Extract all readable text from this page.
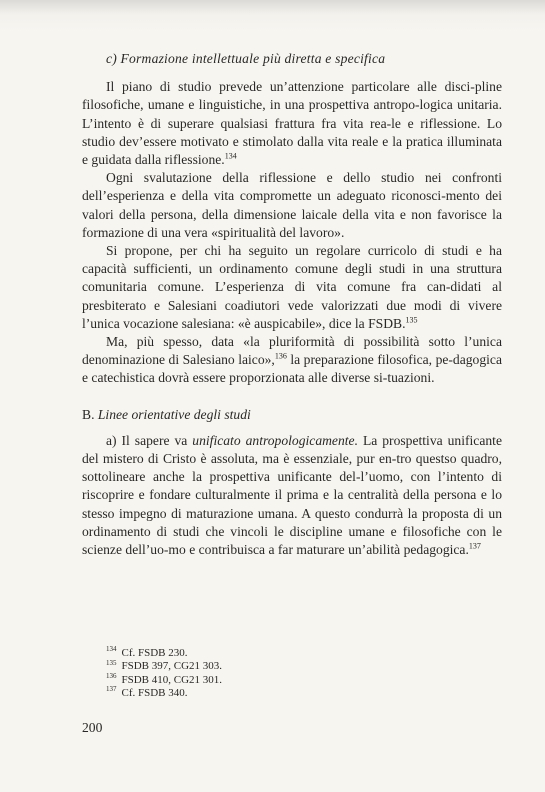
c) Formazione intellettuale più diretta e specifica

Il piano di studio prevede un’attenzione particolare alle disci-pline filosofiche, umane e linguistiche, in una prospettiva antropo-logica unitaria. L’intento è di superare qualsiasi frattura fra vita rea-le e riflessione. Lo studio dev’essere motivato e stimolato dalla vita reale e la pratica illuminata e guidata dalla riflessione.$^{134}$

Ogni svalutazione della riflessione e dello studio nei confronti dell’esperienza e della vita compromette un adeguato riconosci-mento dei valori della persona, della dimensione laicale della vita e non favorisce la formazione di una vera «spiritualità del lavoro».

Si propone, per chi ha seguito un regolare curricolo di studi e ha capacità sufficienti, un ordinamento comune degli studi in una struttura comunitaria comune. L’esperienza di vita comune fra can-didati al presbiterato e Salesiani coadiutori vede valorizzati due modi di vivere l’unica vocazione salesiana: «è auspicabile», dice la FSDB.$^{135}$

Ma, più spesso, data «la pluriformità di possibilità sotto l’unica denominazione di Salesiano laico»,$^{136}$ la preparazione filosofica, pe-dagogica e catechistica dovrà essere proporzionata alle diverse si-tuazioni.

B. Linee orientative degli studi

a) Il sapere va unificato antropologicamente. La prospettiva unificante del mistero di Cristo è assoluta, ma è essenziale, pur en-tro questso quadro, sottolineare anche la prospettiva unificante del-l’uomo, con l’intento di riscoprire e fondare culturalmente il prima e la centralità della persona e lo stesso impegno di maturazione umana. A questo condurrà la proposta di un ordinamento di studi che vincoli le discipline umane e filosofiche con le scienze dell’uo-mo e contribuisca a far maturare un’abilità pedagogica.$^{137}$

$^{134}$ Cf. FSDB 230.
$^{135}$ FSDB 397, CG21 303.
$^{136}$ FSDB 410, CG21 301.
$^{137}$ Cf. FSDB 340.
200
